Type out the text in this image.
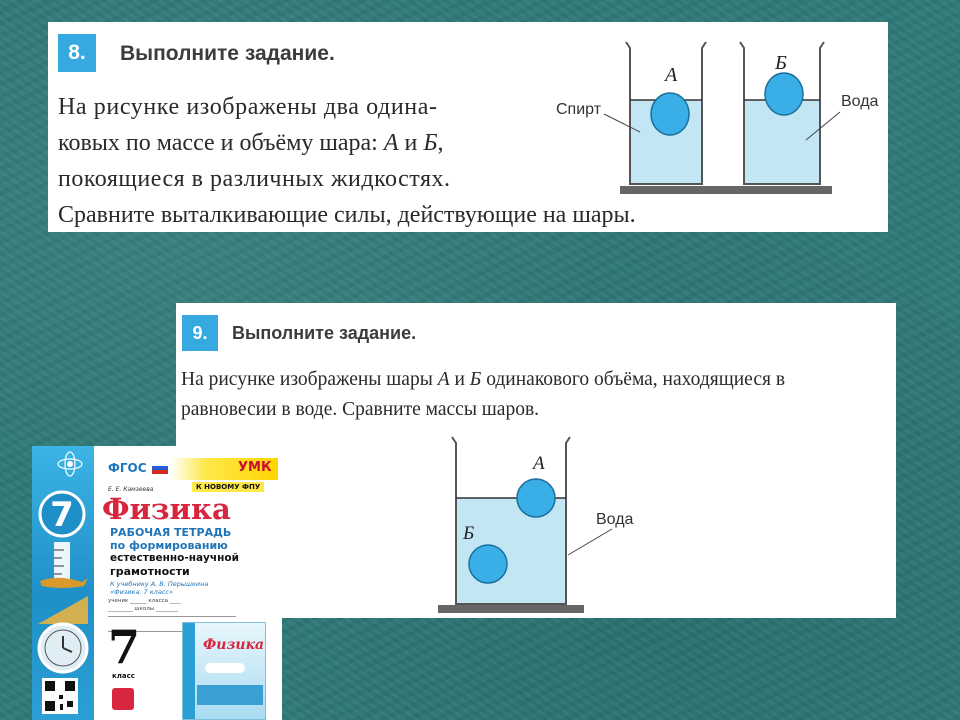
8.	Выполните задание.
На рисунке изображены два одина-
ковых по массе и объёму шара: А и Б,
покоящиеся в различных жидкостях.
Сравните выталкивающие силы, действующие на шары.
Спирт	Вода
А
Б
9.	Выполните задание.
На рисунке изображены шары А и Б одинакового объёма, находящиеся в
равновесии в воде. Сравните массы шаров.
А
Б
Вода
7
ФГОС	УМК
К НОВОМУ ФПУ
Е. Е. Камзеева
Физика
РАБОЧАЯ ТЕТРАДЬ
по формированию
естественно-научной
грамотности
К учебнику А. В. Перышкина
«Физика. 7 класс»
ученик ______ класса ____
_________ школы ________
7
класс
Физика
